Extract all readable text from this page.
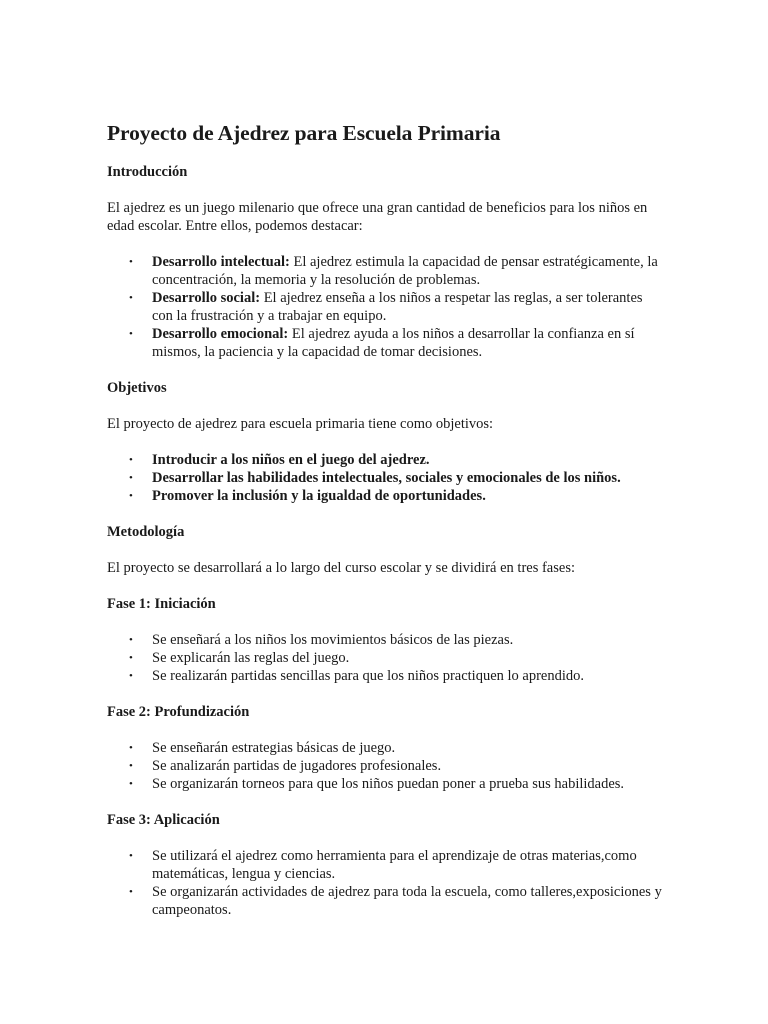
Proyecto de Ajedrez para Escuela Primaria
Introducción

El ajedrez es un juego milenario que ofrece una gran cantidad de beneficios para los niños en edad escolar. Entre ellos, podemos destacar:

• Desarrollo intelectual: El ajedrez estimula la capacidad de pensar estratégicamente, la concentración, la memoria y la resolución de problemas.
• Desarrollo social: El ajedrez enseña a los niños a respetar las reglas, a ser tolerantes con la frustración y a trabajar en equipo.
• Desarrollo emocional: El ajedrez ayuda a los niños a desarrollar la confianza en sí mismos, la paciencia y la capacidad de tomar decisiones.
Objetivos

El proyecto de ajedrez para escuela primaria tiene como objetivos:

• Introducir a los niños en el juego del ajedrez.
• Desarrollar las habilidades intelectuales, sociales y emocionales de los niños.
• Promover la inclusión y la igualdad de oportunidades.
Metodología

El proyecto se desarrollará a lo largo del curso escolar y se dividirá en tres fases:

Fase 1: Iniciación
• Se enseñará a los niños los movimientos básicos de las piezas.
• Se explicarán las reglas del juego.
• Se realizarán partidas sencillas para que los niños practiquen lo aprendido.
Fase 2: Profundización
• Se enseñarán estrategias básicas de juego.
• Se analizarán partidas de jugadores profesionales.
• Se organizarán torneos para que los niños puedan poner a prueba sus habilidades.
Fase 3: Aplicación
• Se utilizará el ajedrez como herramienta para el aprendizaje de otras materias,como matemáticas, lengua y ciencias.
• Se organizarán actividades de ajedrez para toda la escuela, como talleres,exposiciones y campeonatos.
